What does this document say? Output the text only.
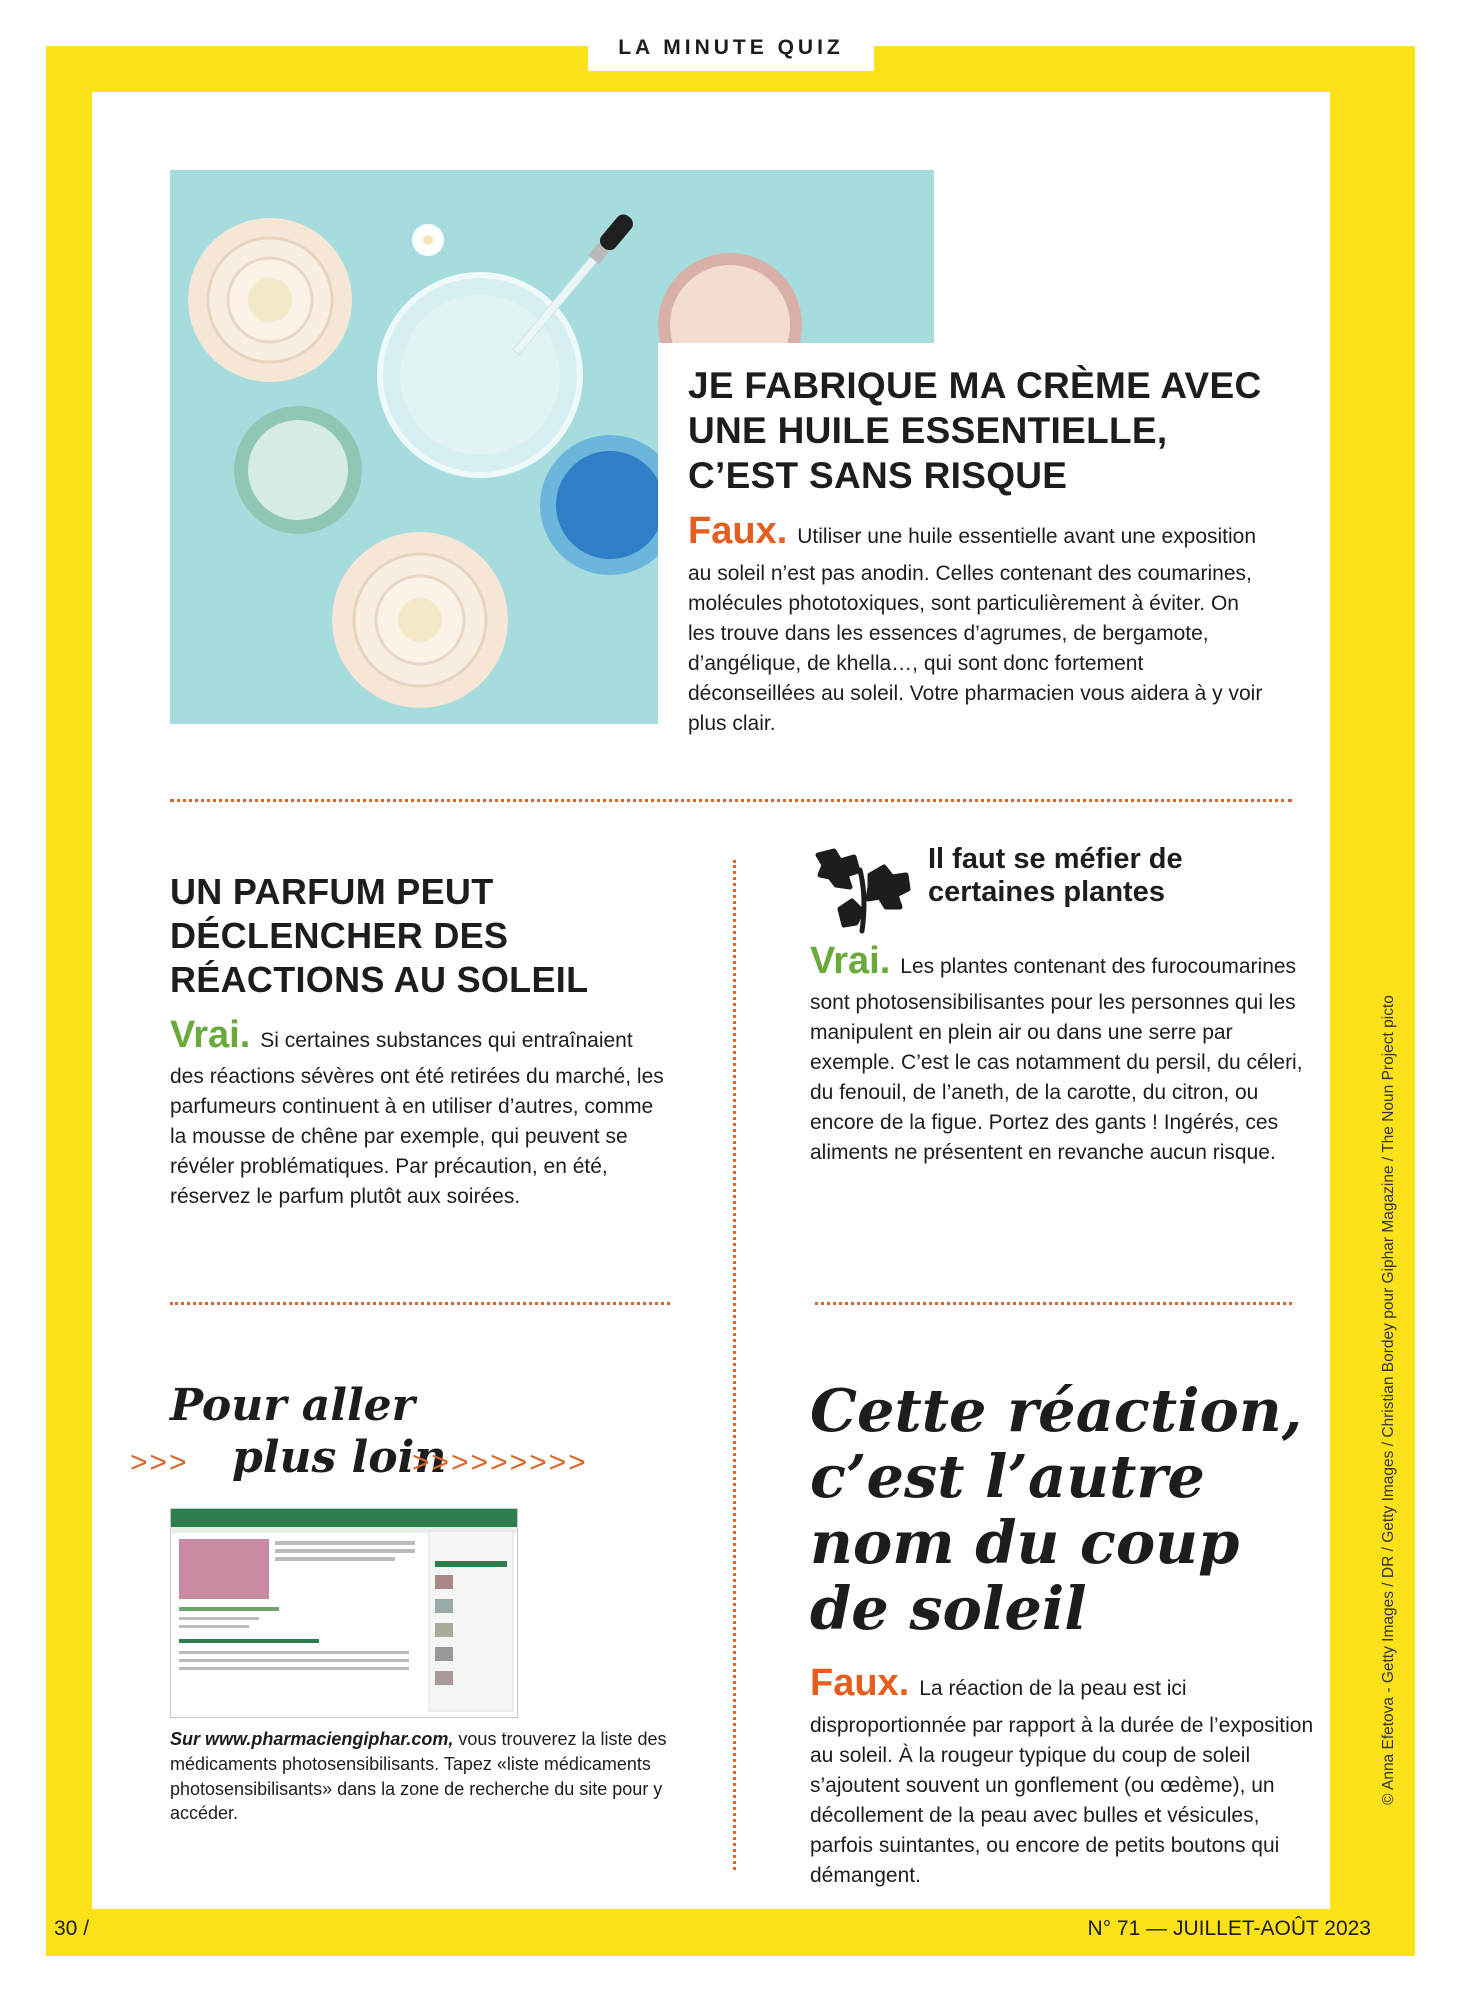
LA MINUTE QUIZ
JE FABRIQUE MA CRÈME AVEC UNE HUILE ESSENTIELLE, C’EST SANS RISQUE
Faux. Utiliser une huile essentielle avant une exposition au soleil n’est pas anodin. Celles contenant des coumarines, molécules phototoxiques, sont particulièrement à éviter. On les trouve dans les essences d’agrumes, de bergamote, d’angélique, de khella…, qui sont donc fortement déconseillées au soleil. Votre pharmacien vous aidera à y voir plus clair.
UN PARFUM PEUT DÉCLENCHER DES RÉACTIONS AU SOLEIL
Vrai. Si certaines substances qui entraînaient des réactions sévères ont été retirées du marché, les parfumeurs continuent à en utiliser d’autres, comme la mousse de chêne par exemple, qui peuvent se révéler problématiques. Par précaution, en été, réservez le parfum plutôt aux soirées.
Il faut se méfier de certaines plantes
Vrai. Les plantes contenant des furocoumarines sont photosensibilisantes pour les personnes qui les manipulent en plein air ou dans une serre par exemple. C’est le cas notamment du persil, du céleri, du fenouil, de l’aneth, de la carotte, du citron, ou encore de la figue. Portez des gants ! Ingérés, ces aliments ne présentent en revanche aucun risque.
Pour aller
>>> plus loin
>>>>>>>>>
Sur www.pharmaciengiphar.com, vous trouverez la liste des médicaments photosensibilisants. Tapez «liste médicaments photosensibilisants» dans la zone de recherche du site pour y accéder.
Cette réaction, c’est l’autre nom du coup de soleil
Faux. La réaction de la peau est ici disproportionnée par rapport à la durée de l’exposition au soleil. À la rougeur typique du coup de soleil s’ajoutent souvent un gonflement (ou œdème), un décollement de la peau avec bulles et vésicules, parfois suintantes, ou encore de petits boutons qui démangent.
© Anna Efetova - Getty Images / DR / Getty Images / Christian Bordey pour Giphar Magazine / The Noun Project picto
30 /	N° 71 — JUILLET-AOÛT 2023
